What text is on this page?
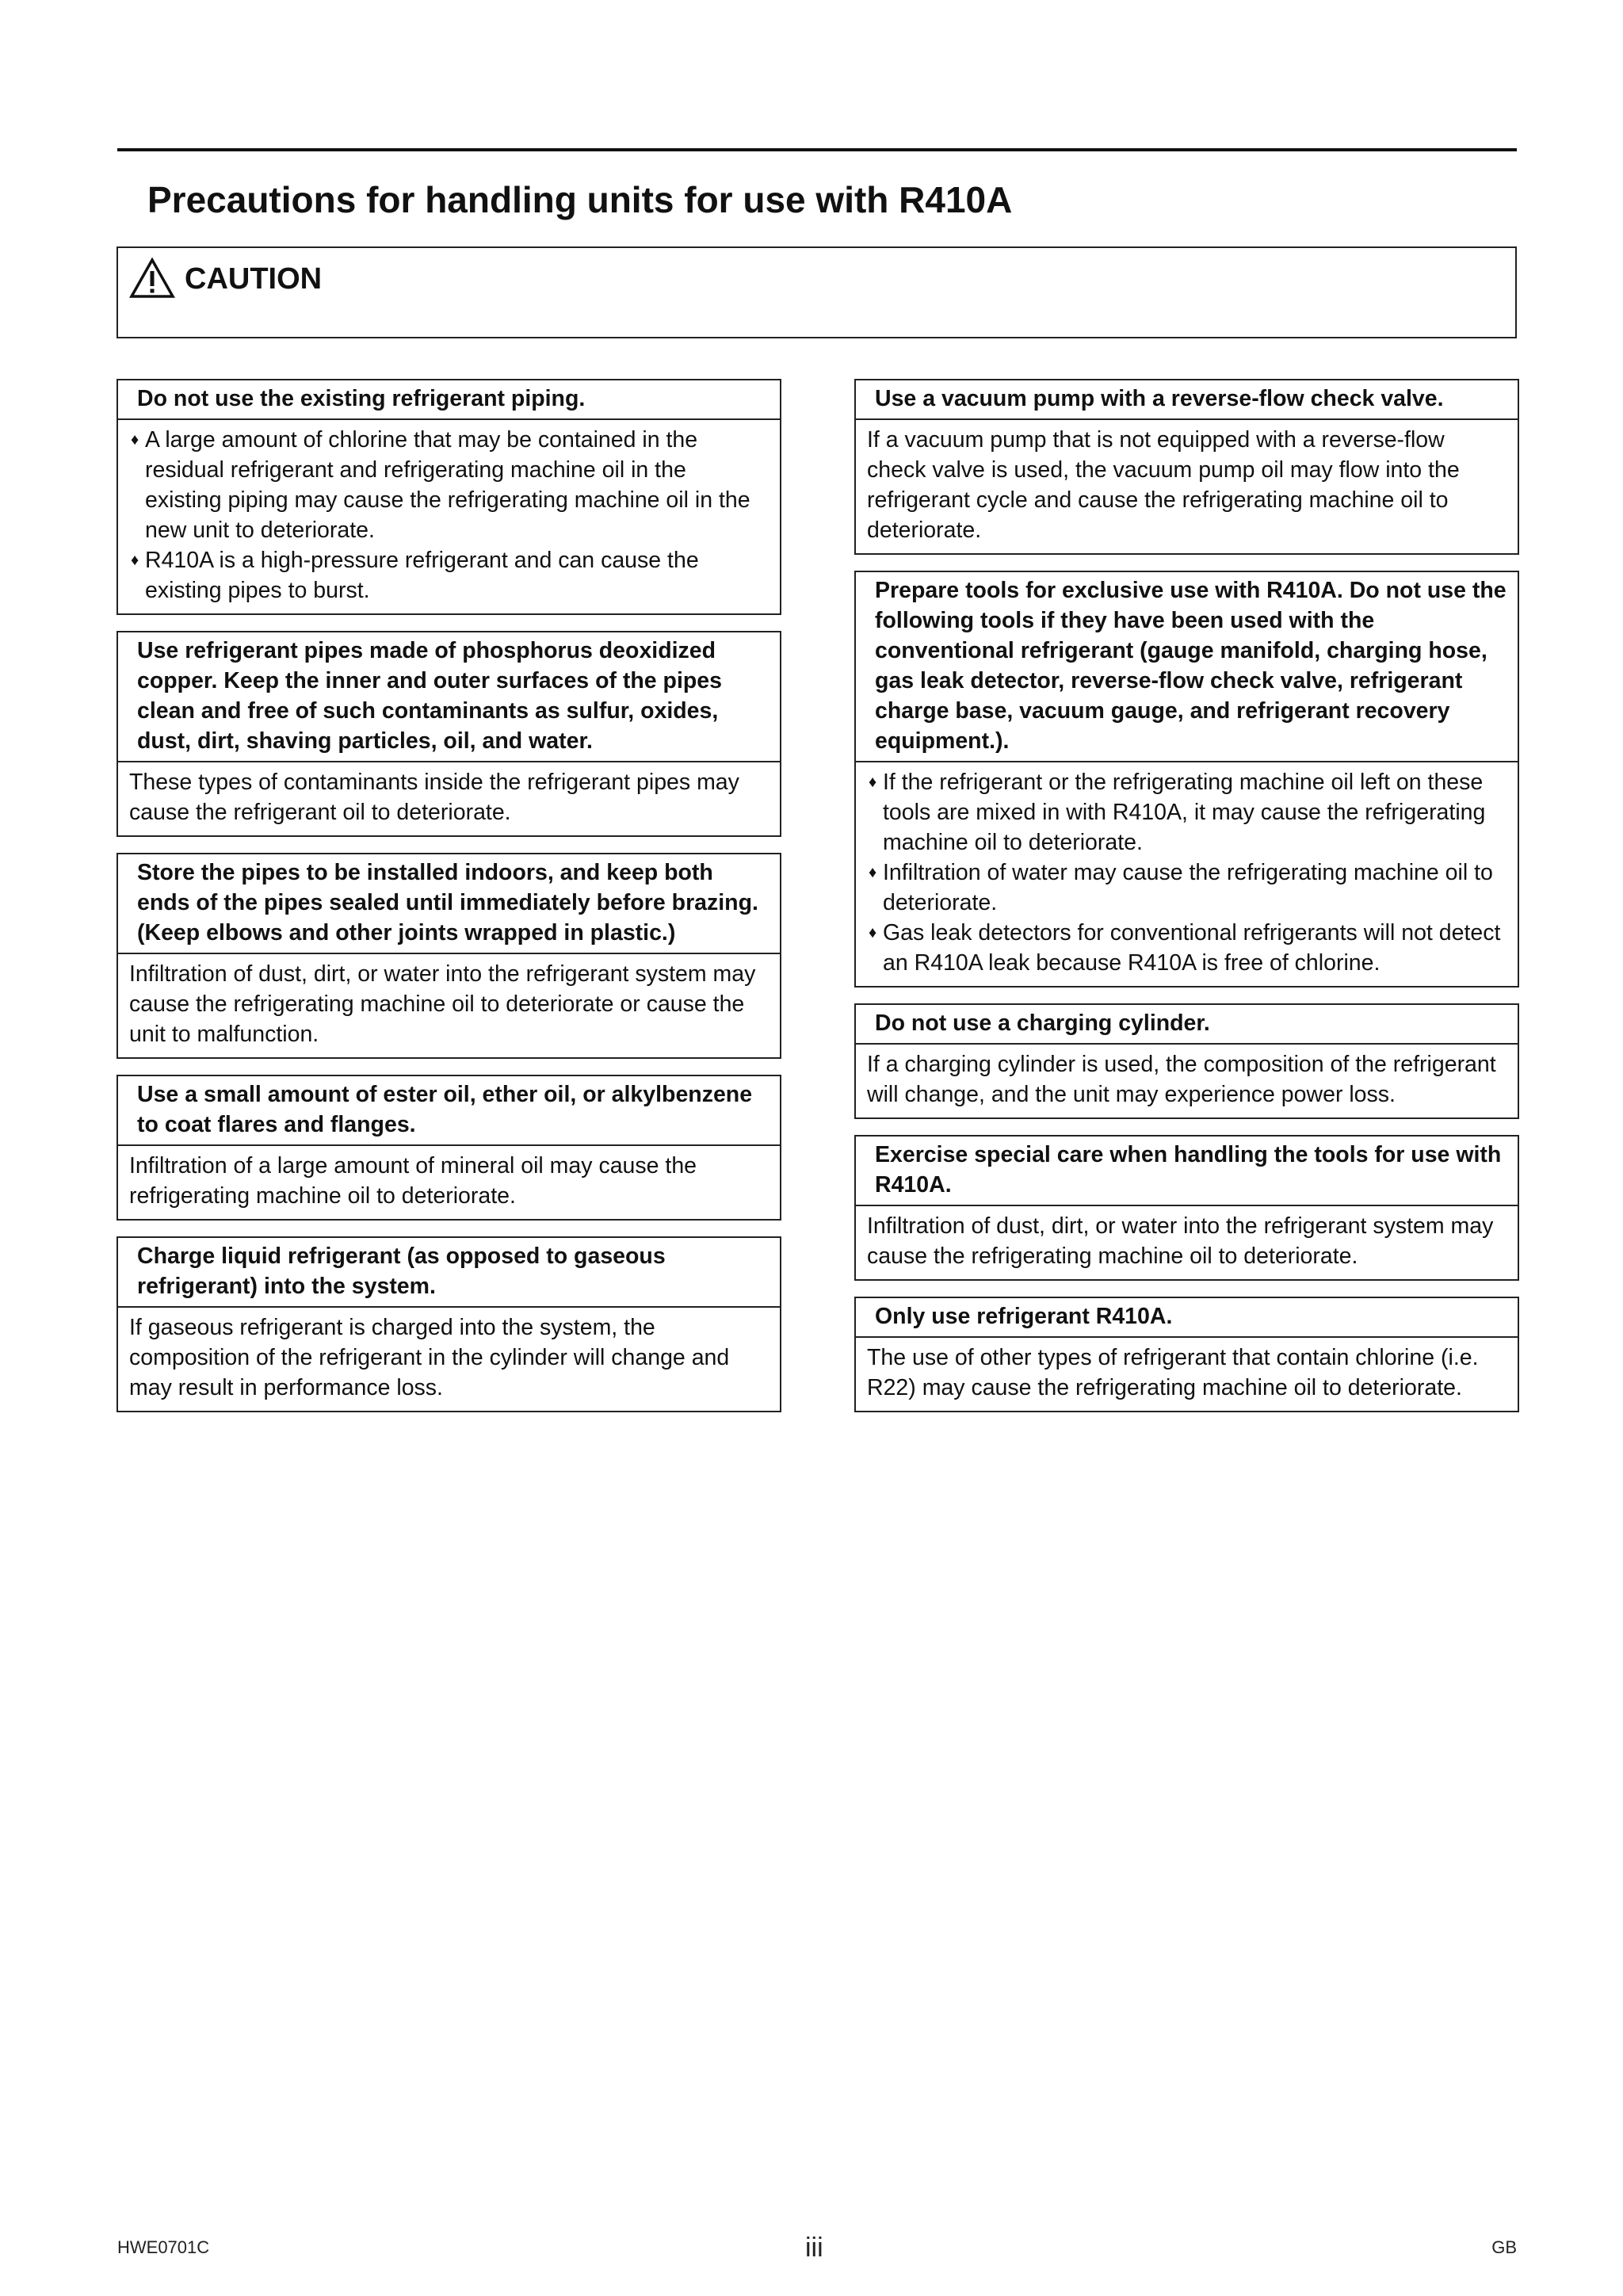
Precautions for handling units for use with R410A
CAUTION
Do not use the existing refrigerant piping.

♦ A large amount of chlorine that may be contained in the residual refrigerant and refrigerating machine oil in the existing piping may cause the refrigerating machine oil in the new unit to deteriorate.

♦ R410A is a high-pressure refrigerant and can cause the existing pipes to burst.

Use refrigerant pipes made of phosphorus deoxidized copper. Keep the inner and outer surfaces of the pipes clean and free of such contaminants as sulfur, oxides, dust, dirt, shaving particles, oil, and water.
These types of contaminants inside the refrigerant pipes may cause the refrigerant oil to deteriorate.
Store the pipes to be installed indoors, and keep both ends of the pipes sealed until immediately before brazing. (Keep elbows and other joints wrapped in plastic.)
Infiltration of dust, dirt, or water into the refrigerant system may cause the refrigerating machine oil to deteriorate or cause the unit to malfunction.
Use a small amount of ester oil, ether oil, or alkylbenzene to coat flares and flanges.
Infiltration of a large amount of mineral oil may cause the refrigerating machine oil to deteriorate.
Charge liquid refrigerant (as opposed to gaseous refrigerant) into the system.
If gaseous refrigerant is charged into the system, the composition of the refrigerant in the cylinder will change and may result in performance loss.
Use a vacuum pump with a reverse-flow check valve.
If a vacuum pump that is not equipped with a reverse-flow check valve is used, the vacuum pump oil may flow into the refrigerant cycle and cause the refrigerating machine oil to deteriorate.
Prepare tools for exclusive use with R410A. Do not use the following tools if they have been used with the conventional refrigerant (gauge manifold, charging hose, gas leak detector, reverse-flow check valve, refrigerant charge base, vacuum gauge, and refrigerant recovery equipment.).

♦ If the refrigerant or the refrigerating machine oil left on these tools are mixed in with R410A, it may cause the refrigerating machine oil to deteriorate.

♦ Infiltration of water may cause the refrigerating machine oil to deteriorate.

♦ Gas leak detectors for conventional refrigerants will not detect an R410A leak because R410A is free of chlorine.

Do not use a charging cylinder.
If a charging cylinder is used, the composition of the refrigerant will change, and the unit may experience power loss.
Exercise special care when handling the tools for use with R410A.
Infiltration of dust, dirt, or water into the refrigerant system may cause the refrigerating machine oil to deteriorate.
Only use refrigerant R410A.
The use of other types of refrigerant that contain chlorine (i.e. R22) may cause the refrigerating machine oil to deteriorate.
HWE0701C	iii	GB
